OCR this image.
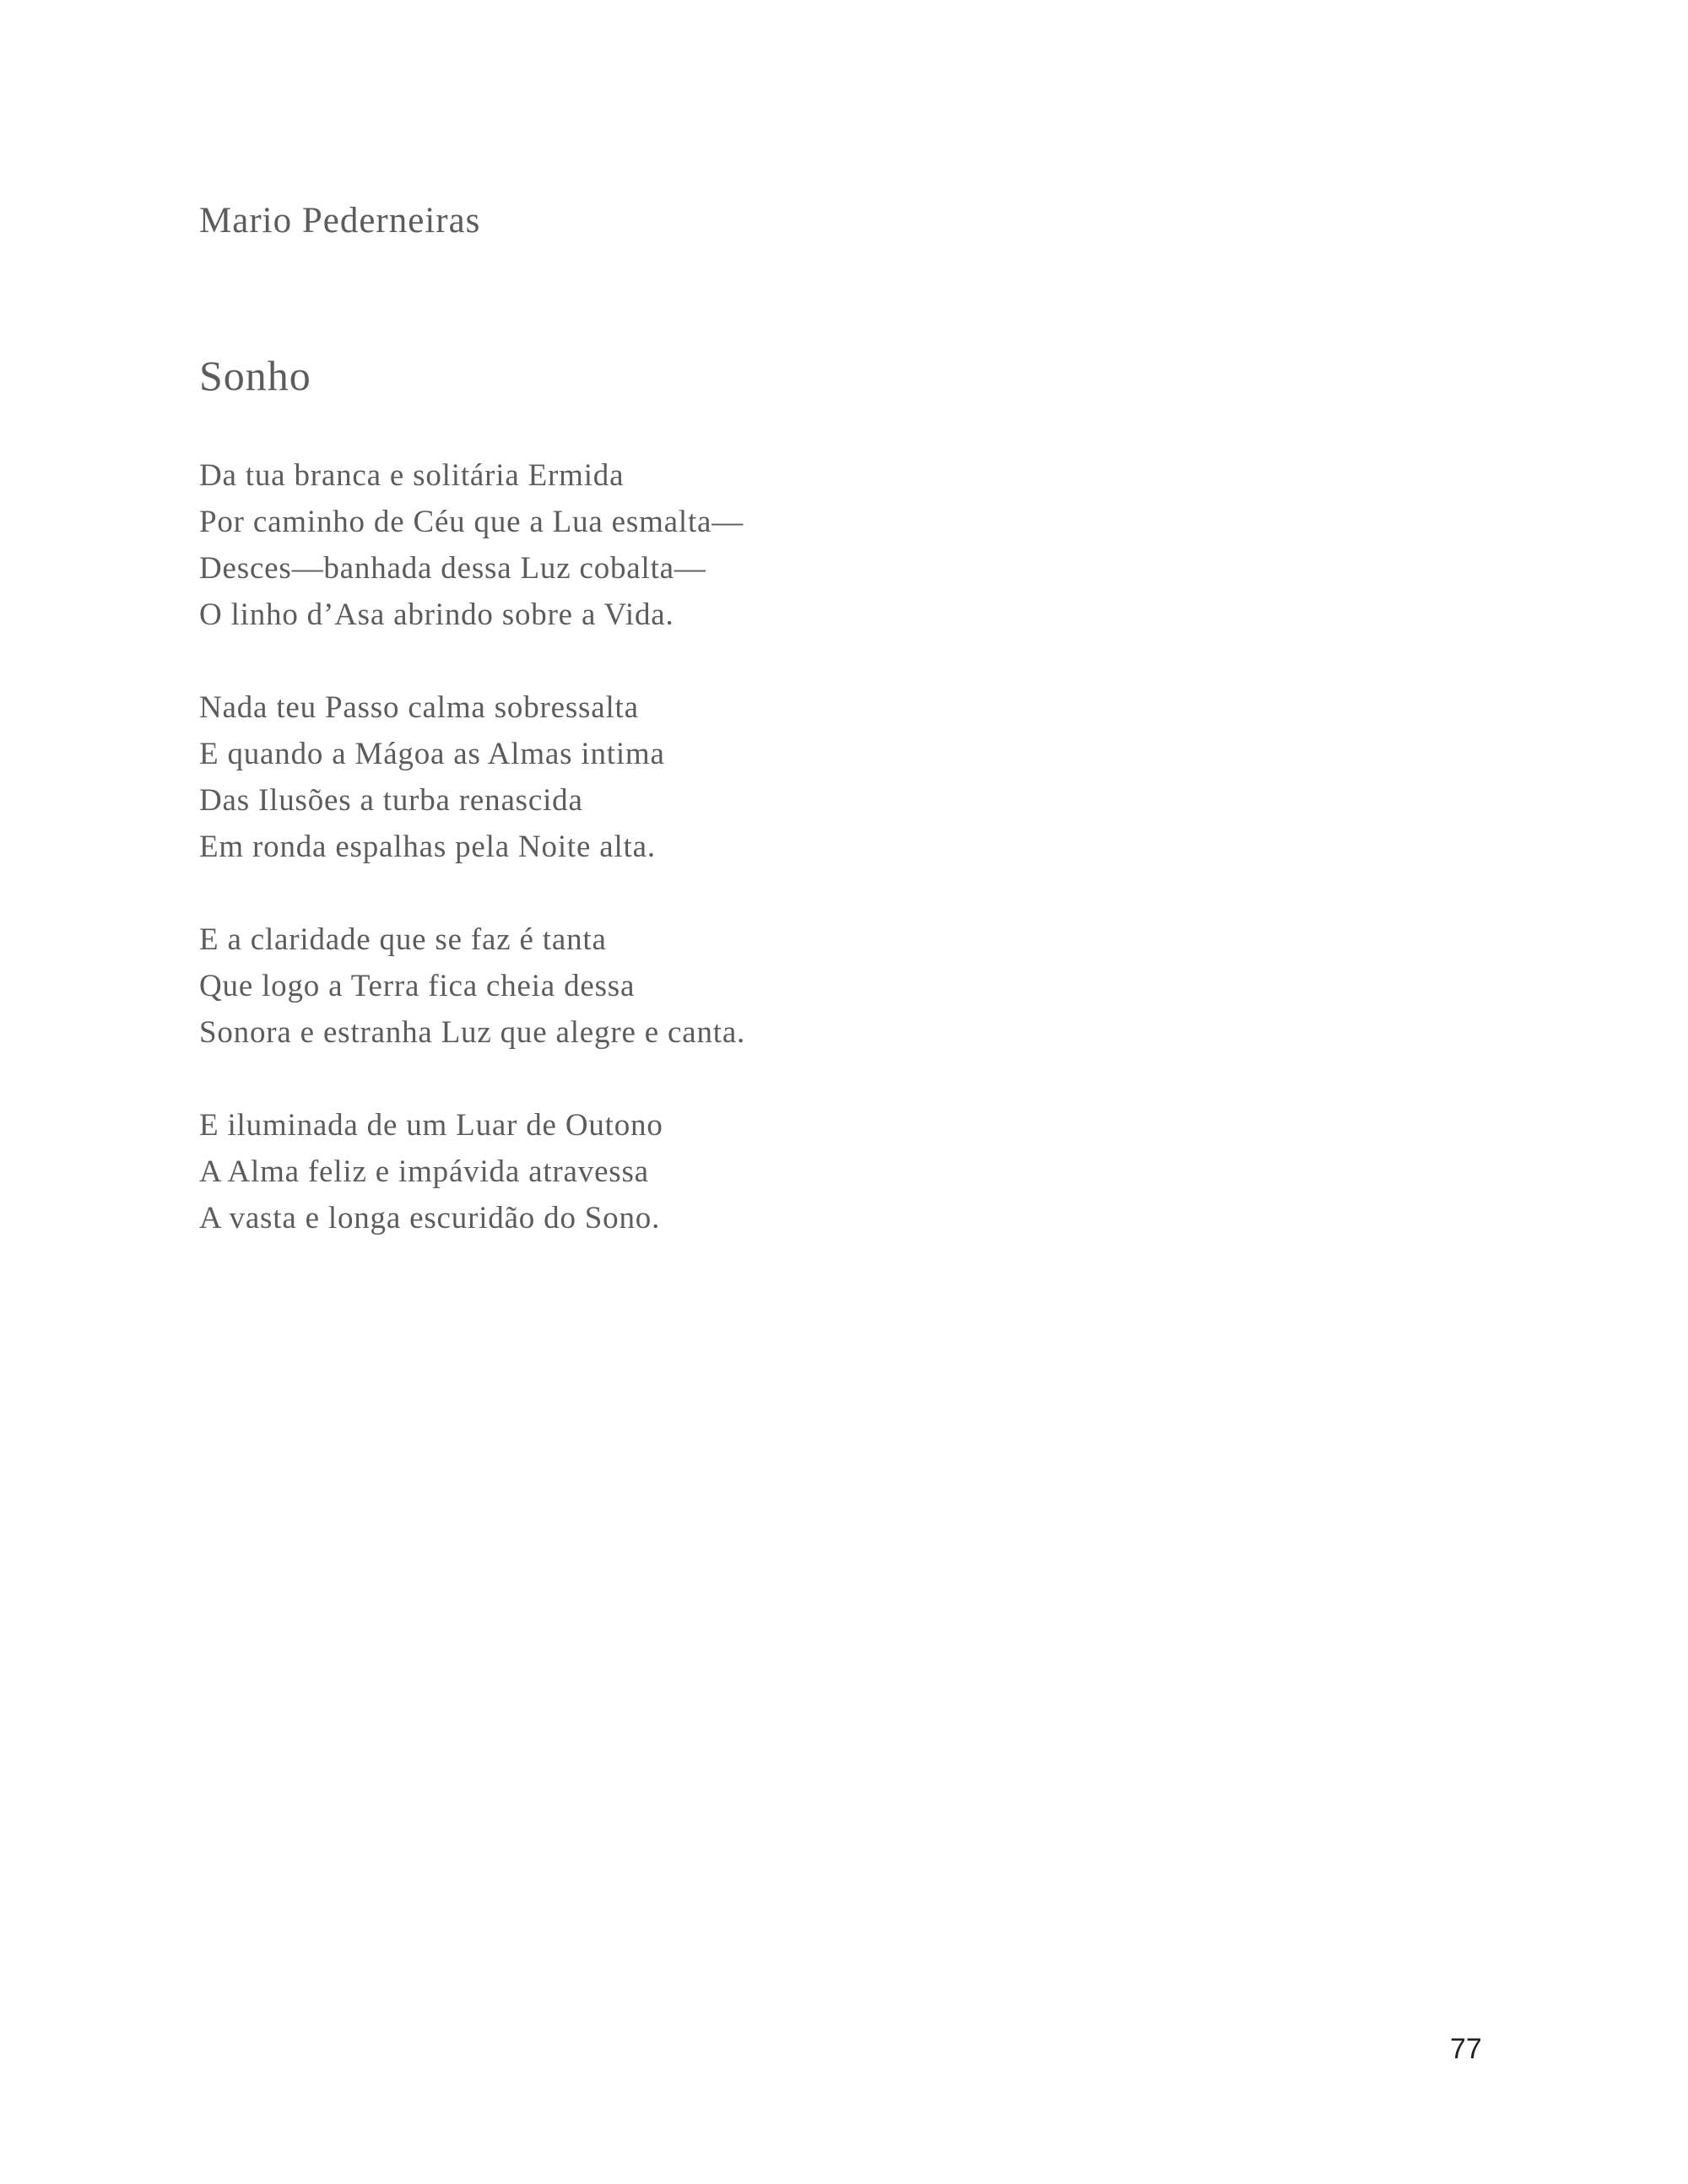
Mario Pederneiras
Sonho
Da tua branca e solitária Ermida
Por caminho de Céu que a Lua esmalta—
Desces—banhada dessa Luz cobalta—
O linho d’Asa abrindo sobre a Vida.
Nada teu Passo calma sobressalta
E quando a Mágoa as Almas intima
Das Ilusões a turba renascida
Em ronda espalhas pela Noite alta.
E a claridade que se faz é tanta
Que logo a Terra fica cheia dessa
Sonora e estranha Luz que alegre e canta.
E iluminada de um Luar de Outono
A Alma feliz e impávida atravessa
A vasta e longa escuridão do Sono.
77
